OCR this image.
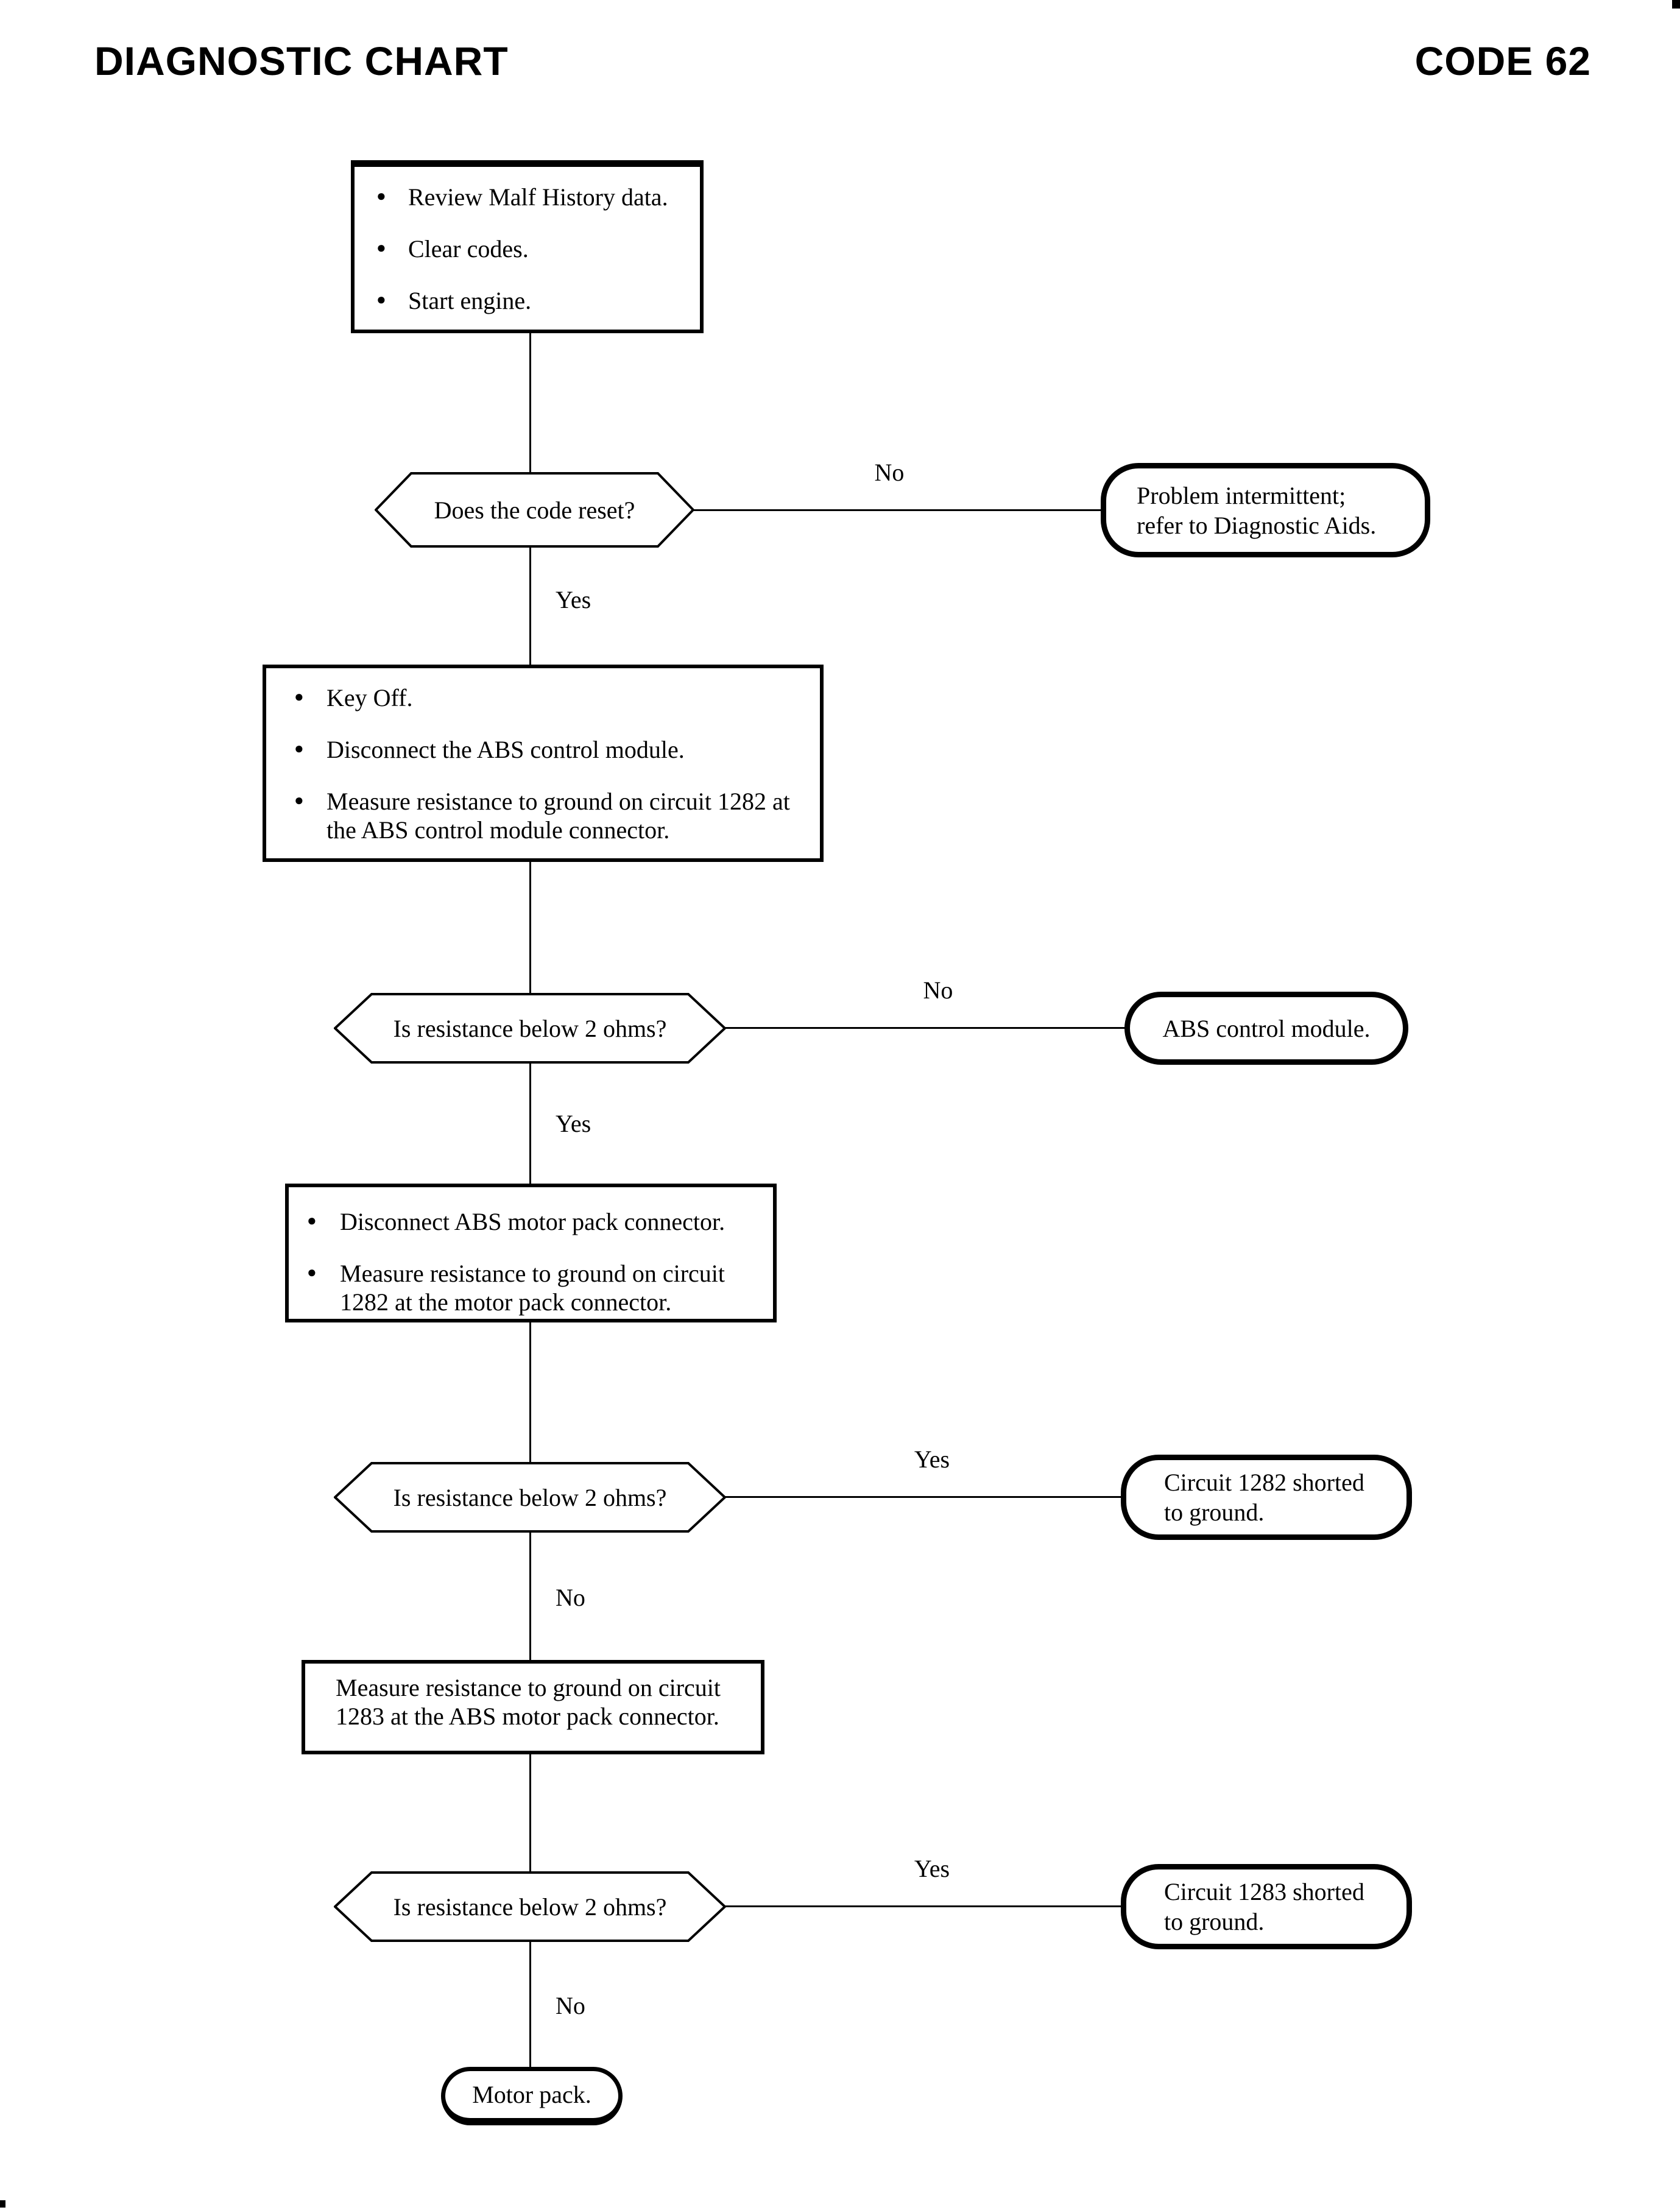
DIAGNOSTIC CHART	CODE 62
● Review Malf History data.
● Clear codes.
● Start engine.
Does the code reset?
No
Yes
Problem intermittent;
refer to Diagnostic Aids.
● Key Off.
● Disconnect the ABS control module.
● Measure resistance to ground on circuit 1282 at the ABS control module connector.
Is resistance below 2 ohms?
No
Yes
ABS control module.
● Disconnect ABS motor pack connector.
● Measure resistance to ground on circuit 1282 at the motor pack connector.
Is resistance below 2 ohms?
Yes
No
Circuit 1282 shorted
to ground.
Measure resistance to ground on circuit 1283 at the ABS motor pack connector.
Is resistance below 2 ohms?
Yes
No
Circuit 1283 shorted
to ground.
Motor pack.
